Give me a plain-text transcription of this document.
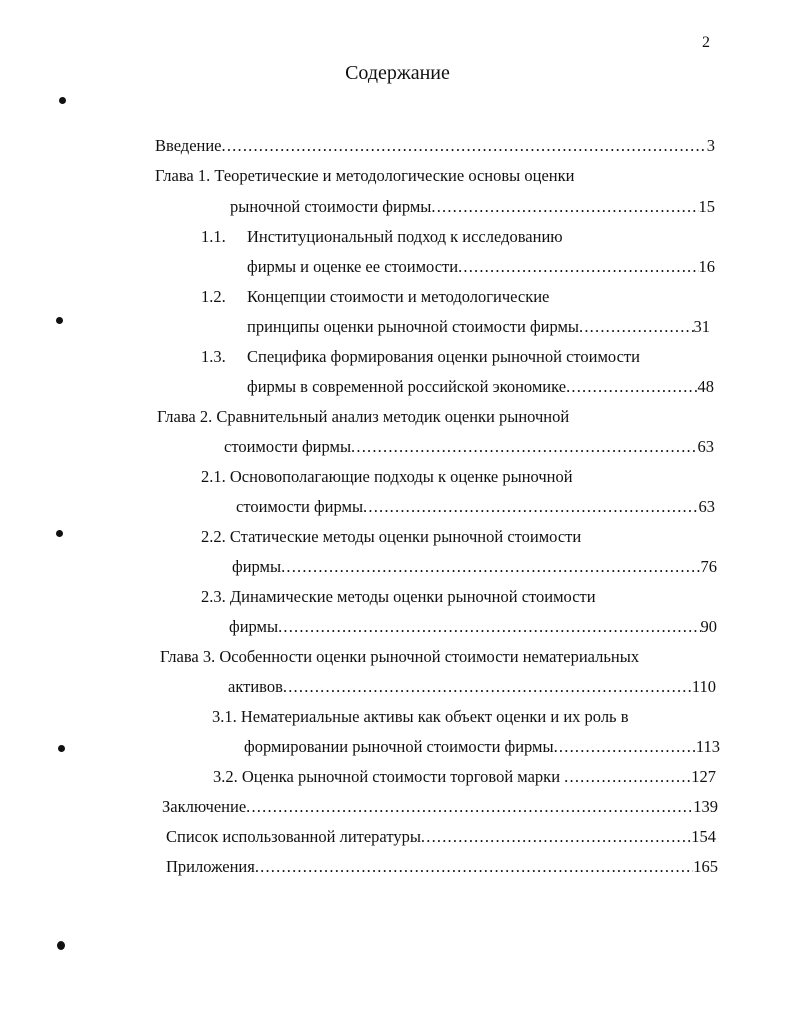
2
Содержание
Введение .....	3
Глава 1. Теоретические и методологические основы оценки
рыночной стоимости фирмы .....	15
1.1.	Институциональный подход к исследованию
фирмы и оценке ее стоимости .....	16
1.2.	Концепции стоимости и методологические
принципы оценки рыночной стоимости фирмы .....	31
1.3.	Специфика формирования оценки рыночной стоимости
фирмы в современной российской экономике .....	48
Глава 2. Сравнительный анализ методик оценки рыночной
стоимости фирмы .....	63
2.1. Основополагающие подходы к оценке рыночной
стоимости фирмы .....	63
2.2. Статические методы оценки рыночной стоимости
фирмы .....	76
2.3. Динамические методы оценки рыночной стоимости
фирмы .....	90
Глава 3. Особенности оценки рыночной стоимости нематериальных
активов .....	110
3.1. Нематериальные активы как объект оценки и их роль в
формировании рыночной стоимости фирмы .....	113
3.2. Оценка рыночной стоимости торговой марки .....	127
Заключение .....	139
Список использованной литературы .....	154
Приложения .....	165
